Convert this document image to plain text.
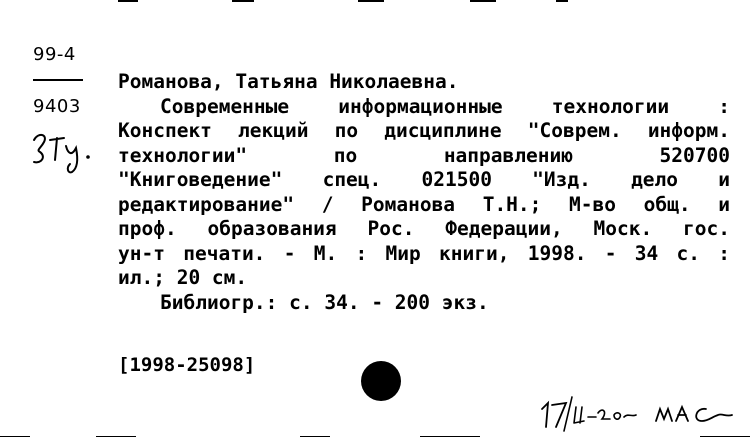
99-4
9403
Романова, Татьяна Николаевна.
Современные информационные технологии :
Конспект лекций по дисциплине "Соврем. информ.
технологии" по направлению 520700
"Книговедение" спец. 021500 "Изд. дело и
редактирование" / Романова Т.Н.; М-во общ. и
проф. образования Рос. Федерации, Моск. гос.
ун-т печати. - М. : Мир книги, 1998. - 34 с. :
ил.; 20 см.
Библиогр.: с. 34. - 200 экз.
[1998-25098]
